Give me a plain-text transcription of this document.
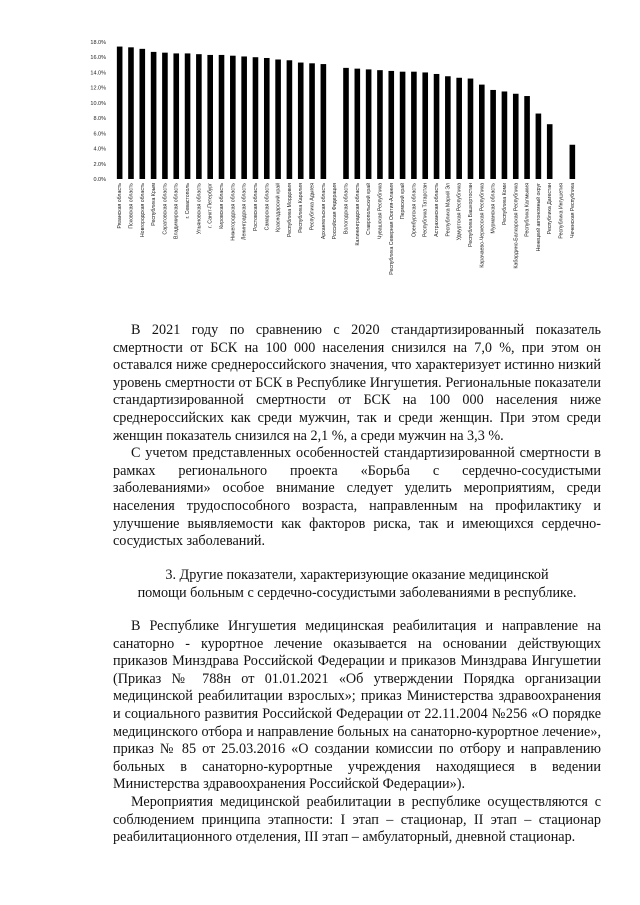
0.0%
2.0%
4.0%
6.0%
8.0%
10.0%
12.0%
14.0%
16.0%
18.0%
Рязанская область Псковская область Новгородская область Республика Крым Саратовская область Владимирская область г. Севастополь Ульяновская область г. Санкт-Петербург Кировская область Нижегородская область Ленинградская область Ростовская область Самарская область Краснодарский край Республика Мордовия Республика Карелия Республика Адыгея Архангельская область Российская Федерация Вологодская область Калининградская область Ставропольский край Чувашская Республика Республика Северная Осетия-Алания Пермский край Оренбургская область Республика Татарстан Астраханская область Республика Марий Эл Удмуртская Республика Республика Башкортостан Карачаево-Черкесская Республика Мурманская область Республика Коми Кабардино-Балкарская Республика Республика Калмыкия Ненецкий автономный округ Республика Дагестан Республика Ингушетия Чеченская Республика

В 2021 году по сравнению с 2020 стандартизированный показатель смертности от БСК на 100 000 населения снизился на 7,0 %, при этом он оставался ниже среднероссийского значения, что характеризует истинно низкий уровень смертности от БСК в Республике Ингушетия. Региональные показатели стандартизированной смертности от БСК на 100 000 населения ниже среднероссийских как среди мужчин, так и среди женщин. При этом среди женщин показатель снизился на 2,1 %, а среди мужчин на 3,3 %.

С учетом представленных особенностей стандартизированной смертности в рамках регионального проекта «Борьба с сердечно-сосудистыми заболеваниями» особое внимание следует уделить мероприятиям, среди населения трудоспособного возраста, направленным на профилактику и улучшение выявляемости как факторов риска, так и имеющихся сердечно-сосудистых заболеваний.

3. Другие показатели, характеризующие оказание медицинской
помощи больным с сердечно-сосудистыми заболеваниями в республике.

В Республике Ингушетия медицинская реабилитация и направление на санаторно - курортное лечение оказывается на основании действующих приказов Минздрава Российской Федерации и приказов Минздрава Ингушетии (Приказ № 788н от 01.01.2021 «Об утверждении Порядка организации медицинской реабилитации взрослых»; приказ Министерства здравоохранения и социального развития Российской Федерации от 22.11.2004 №256 «О порядке медицинского отбора и направление больных на санаторно-курортное лечение», приказ № 85 от 25.03.2016 «О создании комиссии по отбору и направлению больных в санаторно-курортные учреждения находящиеся в ведении Министерства здравоохранения Российской Федерации»).

Мероприятия медицинской реабилитации в республике осуществляются с соблюдением принципа этапности: I этап – стационар, II этап – стационар реабилитационного отделения, III этап – амбулаторный, дневной стационар.
